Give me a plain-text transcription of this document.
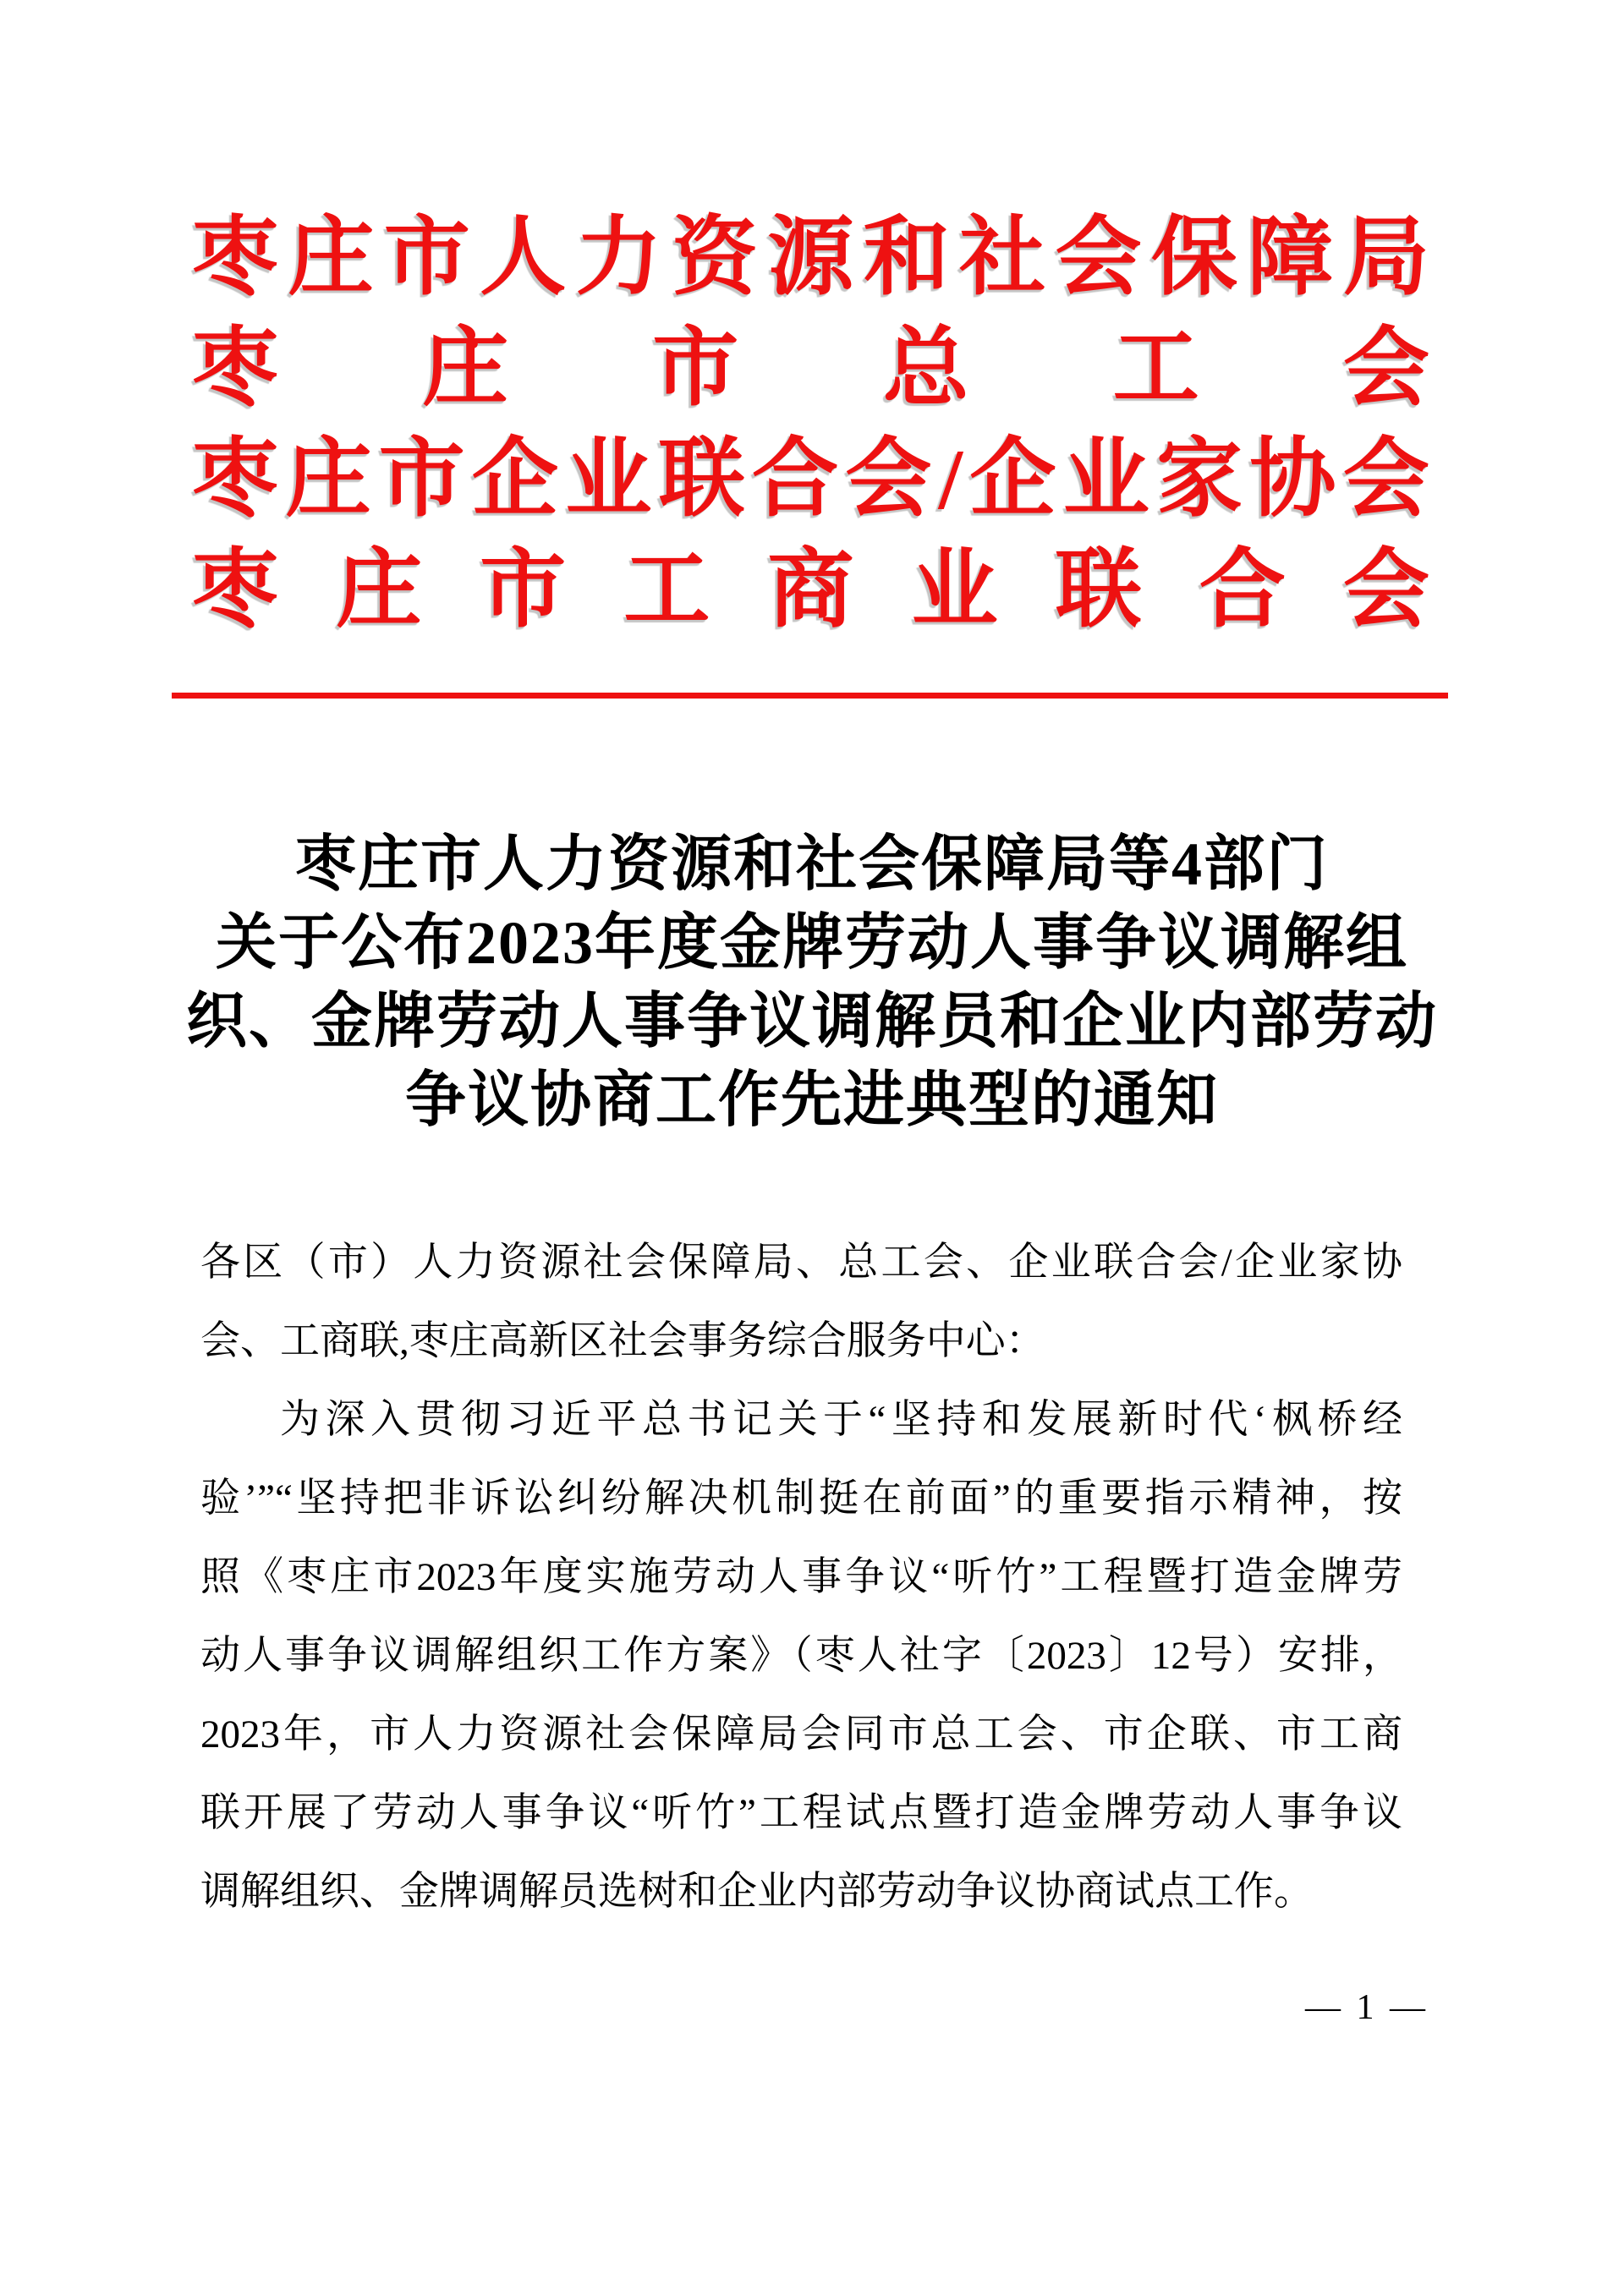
枣 庄 市 人 力 资 源 和 社 会 保 障 局
枣 庄 市 总 工 会
枣 庄 市 企 业 联 合 会 / 企 业 家 协 会
枣 庄 市 工 商 业 联 合 会
枣庄市人力资源和社会保障局等4部门
关于公布2023年度金牌劳动人事争议调解组
织、金牌劳动人事争议调解员和企业内部劳动
争议协商工作先进典型的通知
各区（市）人力资源社会保障局、总工会、企业联合会/企业家协
会、工商联,枣庄高新区社会事务综合服务中心：
为深入贯彻习近平总书记关于“坚持和发展新时代‘枫桥经
验’”“坚持把非诉讼纠纷解决机制挺在前面”的重要指示精神，按
照《枣庄市2023年度实施劳动人事争议“听竹”工程暨打造金牌劳
动人事争议调解组织工作方案》（枣人社字〔2023〕12号）安排，
2023年，市人力资源社会保障局会同市总工会、市企联、市工商
联开展了劳动人事争议“听竹”工程试点暨打造金牌劳动人事争议
调解组织、金牌调解员选树和企业内部劳动争议协商试点工作。
— 1 —
